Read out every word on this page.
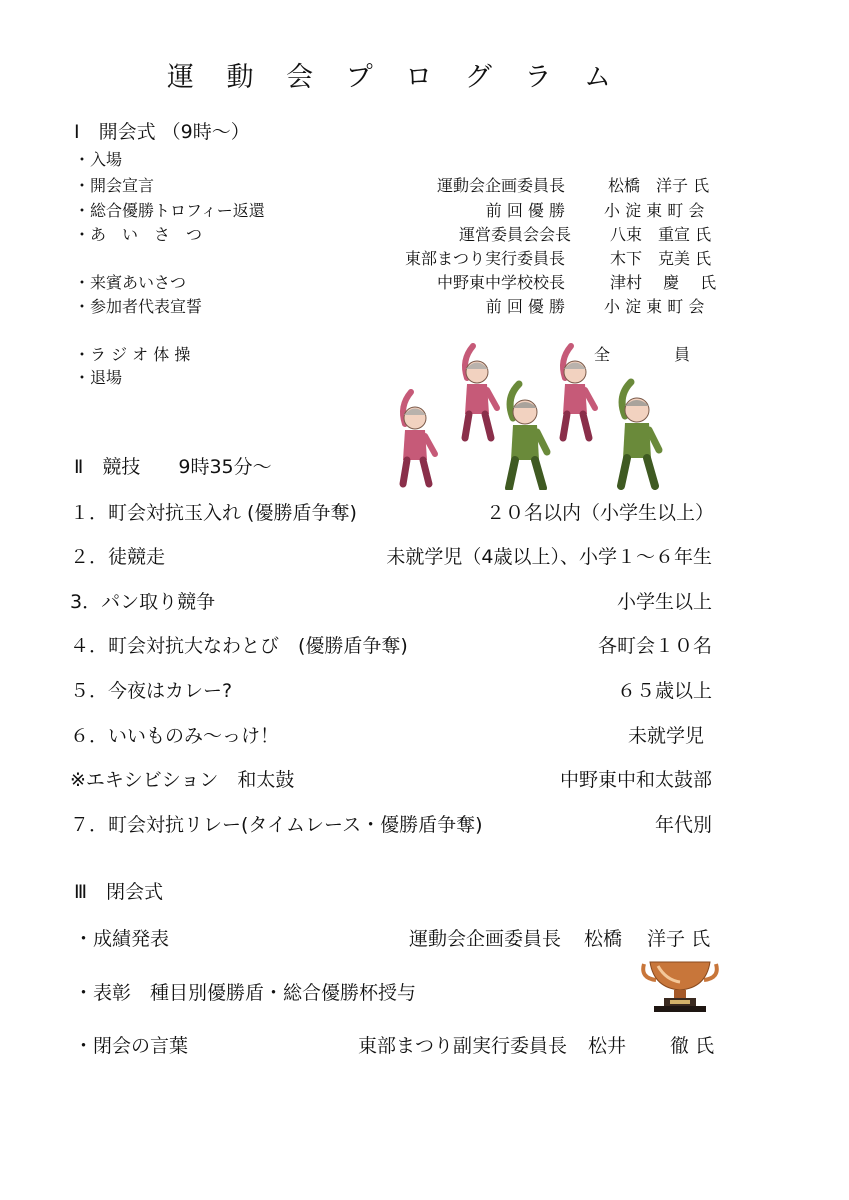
運 動 会 プ ロ グ ラ ム
Ⅰ　開会式 （9時～）
・入場
・開会宣言	運動会企画委員長	松橋　洋子 氏
・総合優勝トロフィー返還	前 回 優 勝 小 淀 東 町 会
・あ　い　さ　つ	運営委員会会長 八束　重宣 氏
東部まつり実行委員長	木下　克美 氏
・来賓あいさつ	中野東中学校校長	津村　 慶　 氏
・参加者代表宣誓	前 回 優 勝 小 淀 東 町 会
・ラ ジ オ 体 操	全　　　　員
・退場
Ⅱ　競技　　9時35分～
１．町会対抗玉入れ (優勝盾争奪)	２０名以内（小学生以上）
２．徒競走	未就学児（4歳以上）、小学１～６年生
3．パン取り競争	小学生以上
４．町会対抗大なわとび　(優勝盾争奪)	各町会１０名
５．今夜はカレー?	６５歳以上
６．いいものみ～っけ！	未就学児
※エキシビション　和太鼓	中野東中和太鼓部
７．町会対抗リレー(タイムレース・優勝盾争奪)	年代別
Ⅲ　閉会式
・成績発表	運動会企画委員長 松橋　 洋子 氏
・表彰　種目別優勝盾・総合優勝杯授与
・閉会の言葉	東部まつり副実行委員長 松井　　 徹 氏
